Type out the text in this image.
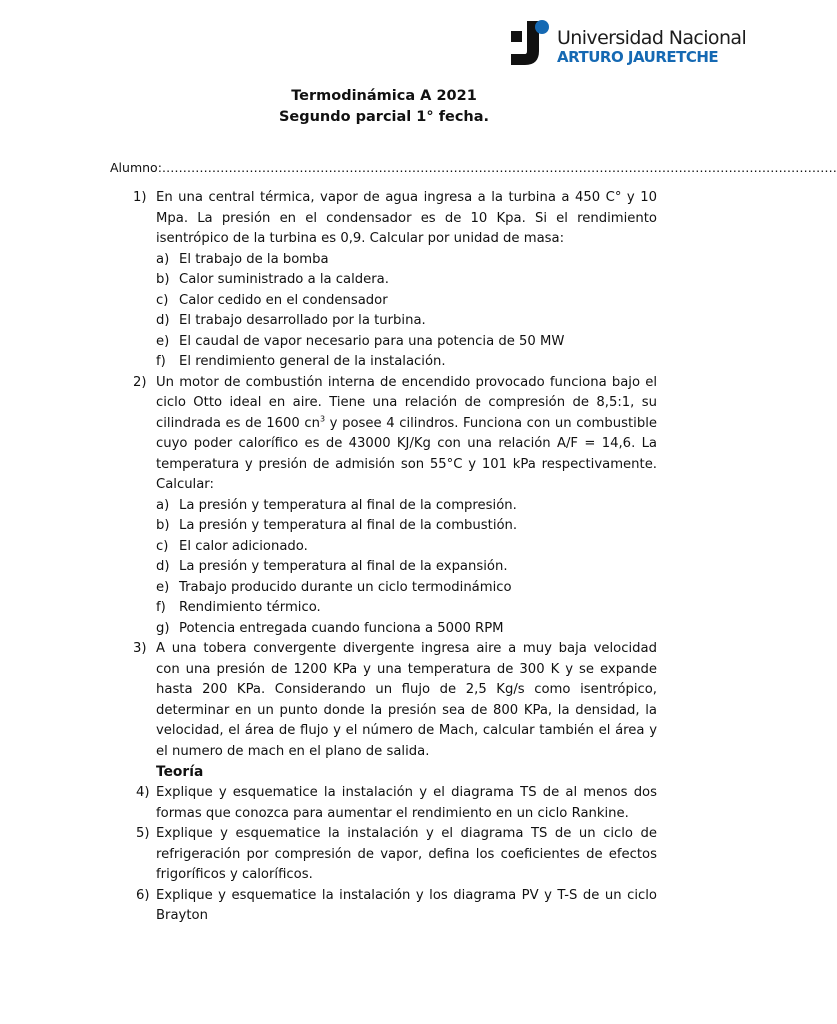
Universidad Nacional
ARTURO JAURETCHE
Termodinámica A 2021
Segundo parcial 1° fecha.
Alumno:………………………………………………………………………………………………………………………………………………
1) En una central térmica, vapor de agua ingresa a la turbina a 450 C° y 10 Mpa. La presión en el condensador es de 10 Kpa. Si el rendimiento isentrópico de la turbina es 0,9. Calcular por unidad de masa:
a) El trabajo de la bomba
b) Calor suministrado a la caldera.
c) Calor cedido en el condensador
d) El trabajo desarrollado por la turbina.
e) El caudal de vapor necesario para una potencia de 50 MW
f) El rendimiento general de la instalación.
2) Un motor de combustión interna de encendido provocado funciona bajo el ciclo Otto ideal en aire. Tiene una relación de compresión de 8,5:1, su cilindrada es de 1600 $cn^3$ y posee 4 cilindros. Funciona con un combustible cuyo poder calorífico es de 43000 KJ/Kg con una relación A/F = 14,6. La temperatura y presión de admisión son 55°C y 101 kPa respectivamente. Calcular:
a) La presión y temperatura al final de la compresión.
b) La presión y temperatura al final de la combustión.
c) El calor adicionado.
d) La presión y temperatura al final de la expansión.
e) Trabajo producido durante un ciclo termodinámico
f) Rendimiento térmico.
g) Potencia entregada cuando funciona a 5000 RPM
3) A una tobera convergente divergente ingresa aire a muy baja velocidad con una presión de 1200 KPa y una temperatura de 300 K y se expande hasta 200 KPa. Considerando un flujo de 2,5 Kg/s como isentrópico, determinar en un punto donde la presión sea de 800 KPa, la densidad, la velocidad, el área de flujo y el número de Mach, calcular también el área y el numero de mach en el plano de salida.
Teoría
4) Explique y esquematice la instalación y el diagrama TS de al menos dos formas que conozca para aumentar el rendimiento en un ciclo Rankine.
5) Explique y esquematice la instalación y el diagrama TS de un ciclo de refrigeración por compresión de vapor, defina los coeficientes de efectos frigoríficos y caloríficos.
6) Explique y esquematice la instalación y los diagrama PV y T-S de un ciclo Brayton
